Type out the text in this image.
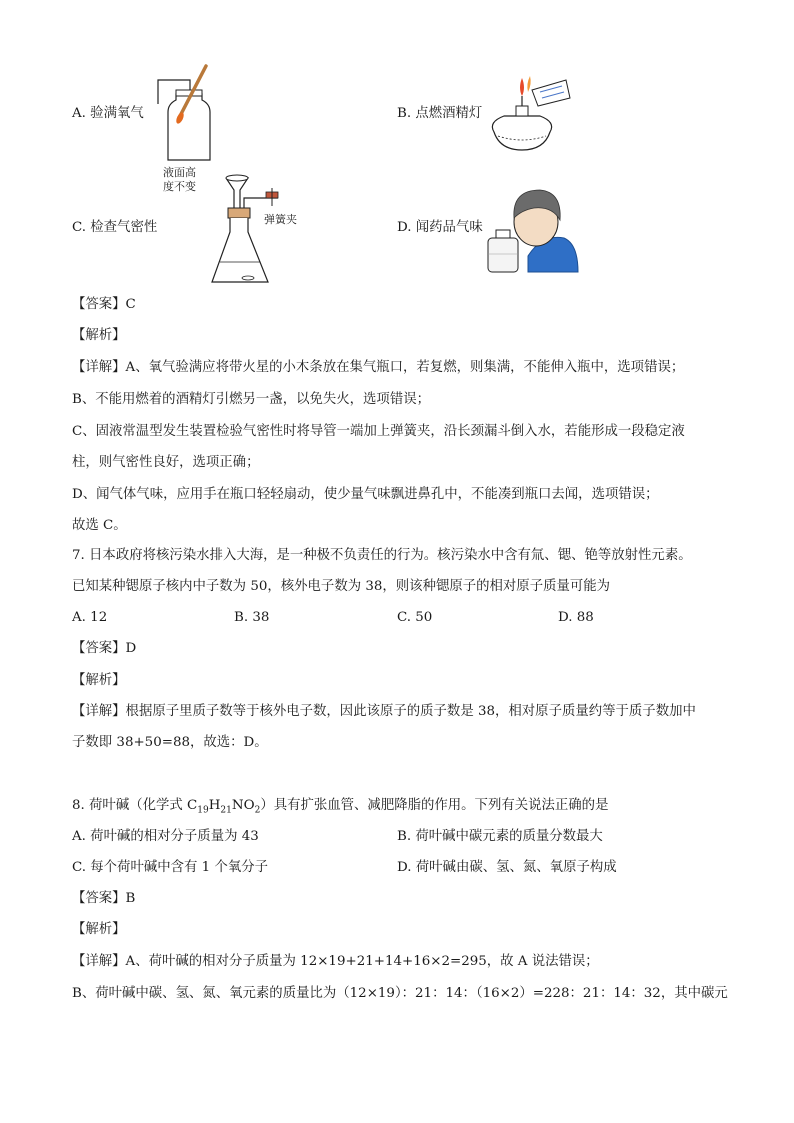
A. 验满氧气	B. 点燃酒精灯
液面高
度不变
C. 检查气密性
弹簧夹
D. 闻药品气味
【答案】C
【解析】
【详解】A、氧气验满应将带火星的小木条放在集气瓶口，若复燃，则集满，不能伸入瓶中，选项错误；
B、不能用燃着的酒精灯引燃另一盏，以免失火，选项错误；
C、固液常温型发生装置检验气密性时将导管一端加上弹簧夹，沿长颈漏斗倒入水，若能形成一段稳定液
柱，则气密性良好，选项正确；
D、闻气体气味，应用手在瓶口轻轻扇动，使少量气味飘进鼻孔中，不能凑到瓶口去闻，选项错误；
故选 C。
7. 日本政府将核污染水排入大海，是一种极不负责任的行为。核污染水中含有氚、锶、铯等放射性元素。
已知某种锶原子核内中子数为 50，核外电子数为 38，则该种锶原子的相对原子质量可能为
A. 12	B. 38	C. 50	D. 88
【答案】D
【解析】
【详解】根据原子里质子数等于核外电子数，因此该原子的质子数是 38，相对原子质量约等于质子数加中
子数即 38+50=88，故选：D。
8. 荷叶碱（化学式 $C_{19}H_{21}NO_2$）具有扩张血管、减肥降脂的作用。下列有关说法正确的是
A. 荷叶碱的相对分子质量为 43	B. 荷叶碱中碳元素的质量分数最大
C. 每个荷叶碱中含有 1 个氧分子	D. 荷叶碱由碳、氢、氮、氧原子构成
【答案】B
【解析】
【详解】A、荷叶碱的相对分子质量为 12×19+21+14+16×2=295，故 A 说法错误；
B、荷叶碱中碳、氢、氮、氧元素的质量比为（12×19）：21：14：（16×2）=228：21：14：32，其中碳元
